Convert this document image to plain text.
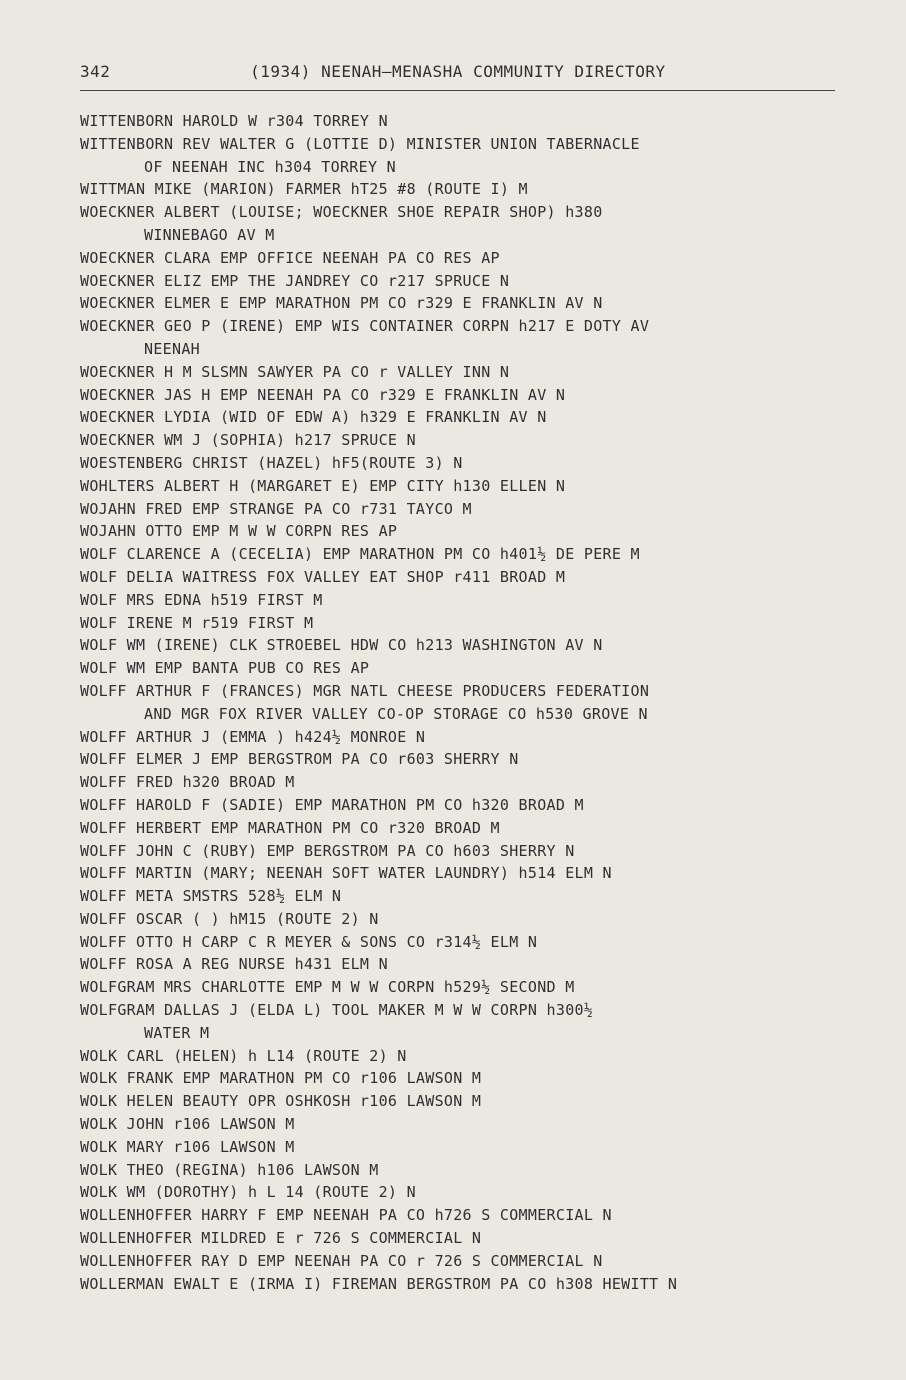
342	(1934) NEENAH–MENASHA COMMUNITY DIRECTORY
WITTENBORN HAROLD W r304 TORREY N
WITTENBORN REV WALTER G (LOTTIE D) MINISTER UNION TABERNACLE
OF NEENAH INC h304 TORREY N
WITTMAN MIKE (MARION) FARMER hT25 #8 (ROUTE I) M
WOECKNER ALBERT (LOUISE; WOECKNER SHOE REPAIR SHOP) h380
WINNEBAGO AV M
WOECKNER CLARA EMP OFFICE NEENAH PA CO RES AP
WOECKNER ELIZ EMP THE JANDREY CO r217 SPRUCE N
WOECKNER ELMER E EMP MARATHON PM CO r329 E FRANKLIN AV N
WOECKNER GEO P (IRENE) EMP WIS CONTAINER CORPN h217 E DOTY AV
NEENAH
WOECKNER H M SLSMN SAWYER PA CO r VALLEY INN N
WOECKNER JAS H EMP NEENAH PA CO r329 E FRANKLIN AV N
WOECKNER LYDIA (WID OF EDW A) h329 E FRANKLIN AV N
WOECKNER WM J (SOPHIA) h217 SPRUCE N
WOESTENBERG CHRIST (HAZEL) hF5(ROUTE 3) N
WOHLTERS ALBERT H (MARGARET E) EMP CITY h130 ELLEN N
WOJAHN FRED EMP STRANGE PA CO r731 TAYCO M
WOJAHN OTTO EMP M W W CORPN RES AP
WOLF CLARENCE A (CECELIA) EMP MARATHON PM CO h401½ DE PERE M
WOLF DELIA WAITRESS FOX VALLEY EAT SHOP r411 BROAD M
WOLF MRS EDNA h519 FIRST M
WOLF IRENE M r519 FIRST M
WOLF WM (IRENE) CLK STROEBEL HDW CO h213 WASHINGTON AV N
WOLF WM EMP BANTA PUB CO RES AP
WOLFF ARTHUR F (FRANCES) MGR NATL CHEESE PRODUCERS FEDERATION
AND MGR FOX RIVER VALLEY CO-OP STORAGE CO h530 GROVE N
WOLFF ARTHUR J (EMMA ) h424½ MONROE N
WOLFF ELMER J EMP BERGSTROM PA CO r603 SHERRY N
WOLFF FRED h320 BROAD M
WOLFF HAROLD F (SADIE) EMP MARATHON PM CO h320 BROAD M
WOLFF HERBERT EMP MARATHON PM CO r320 BROAD M
WOLFF JOHN C (RUBY) EMP BERGSTROM PA CO h603 SHERRY N
WOLFF MARTIN (MARY; NEENAH SOFT WATER LAUNDRY) h514 ELM N
WOLFF META SMSTRS 528½ ELM N
WOLFF OSCAR ( ) hM15 (ROUTE 2) N
WOLFF OTTO H CARP C R MEYER & SONS CO r314½ ELM N
WOLFF ROSA A REG NURSE h431 ELM N
WOLFGRAM MRS CHARLOTTE EMP M W W CORPN h529½ SECOND M
WOLFGRAM DALLAS J (ELDA L) TOOL MAKER M W W CORPN h300½
WATER M
WOLK CARL (HELEN) h L14 (ROUTE 2) N
WOLK FRANK EMP MARATHON PM CO r106 LAWSON M
WOLK HELEN BEAUTY OPR OSHKOSH r106 LAWSON M
WOLK JOHN r106 LAWSON M
WOLK MARY r106 LAWSON M
WOLK THEO (REGINA) h106 LAWSON M
WOLK WM (DOROTHY) h L 14 (ROUTE 2) N
WOLLENHOFFER HARRY F EMP NEENAH PA CO h726 S COMMERCIAL N
WOLLENHOFFER MILDRED E r 726 S COMMERCIAL N
WOLLENHOFFER RAY D EMP NEENAH PA CO r 726 S COMMERCIAL N
WOLLERMAN EWALT E (IRMA I) FIREMAN BERGSTROM PA CO h308 HEWITT N
